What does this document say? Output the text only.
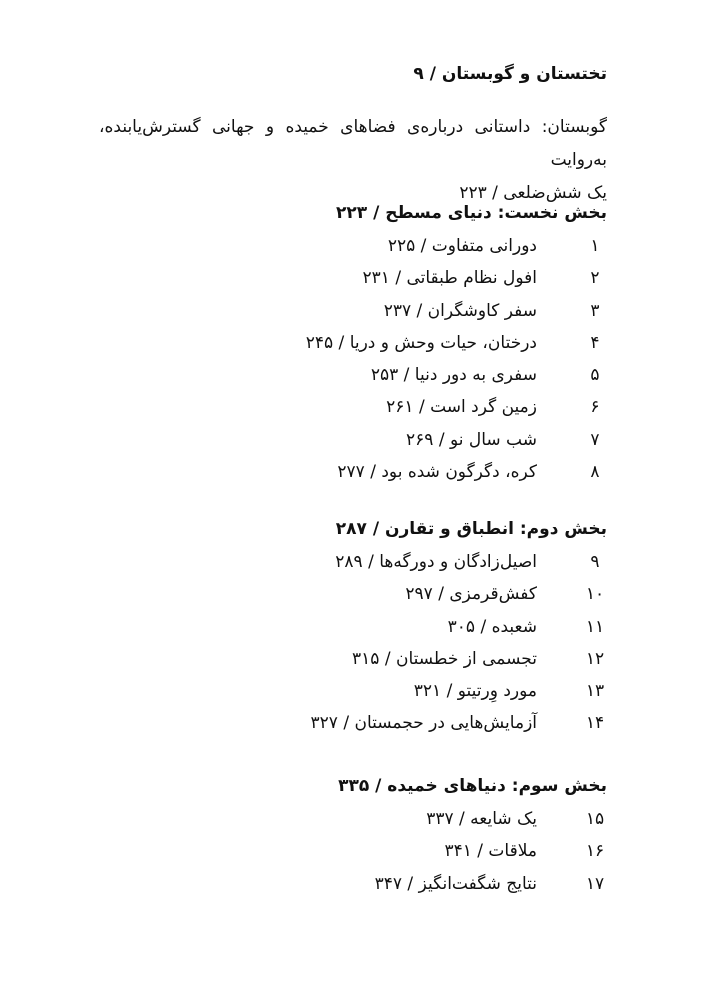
تختستان و گوبستان / ۹
گوبستان: داستانی درباره‌ی فضاهای خمیده و جهانی گسترش‌یابنده، به‌روایت
یک شش‌ضلعی / ۲۲۳
بخش نخست: دنیای مسطح / ۲۲۳
۱
دورانی متفاوت / ۲۲۵
۲
افول نظام طبقاتی / ۲۳۱
۳
سفر کاوشگران / ۲۳۷
۴
درختان، حیات وحش و دریا / ۲۴۵
۵
سفری به دور دنیا / ۲۵۳
۶
زمین گرد است / ۲۶۱
۷
شب سال نو / ۲۶۹
۸
کره، دگرگون شده بود / ۲۷۷
بخش دوم: انطباق و تقارن / ۲۸۷
۹
اصیل‌زادگان و دورگه‌ها / ۲۸۹
۱۰
کفش‌قرمزی / ۲۹۷
۱۱
شعبده / ۳۰۵
۱۲
تجسمی از خطستان / ۳۱۵
۱۳
مورد وِرتیتو / ۳۲۱
۱۴
آزمایش‌هایی در حجمستان / ۳۲۷
بخش سوم: دنیاهای خمیده / ۳۳۵
۱۵
یک شایعه / ۳۳۷
۱۶
ملاقات / ۳۴۱
۱۷
نتایج شگفت‌انگیز / ۳۴۷
